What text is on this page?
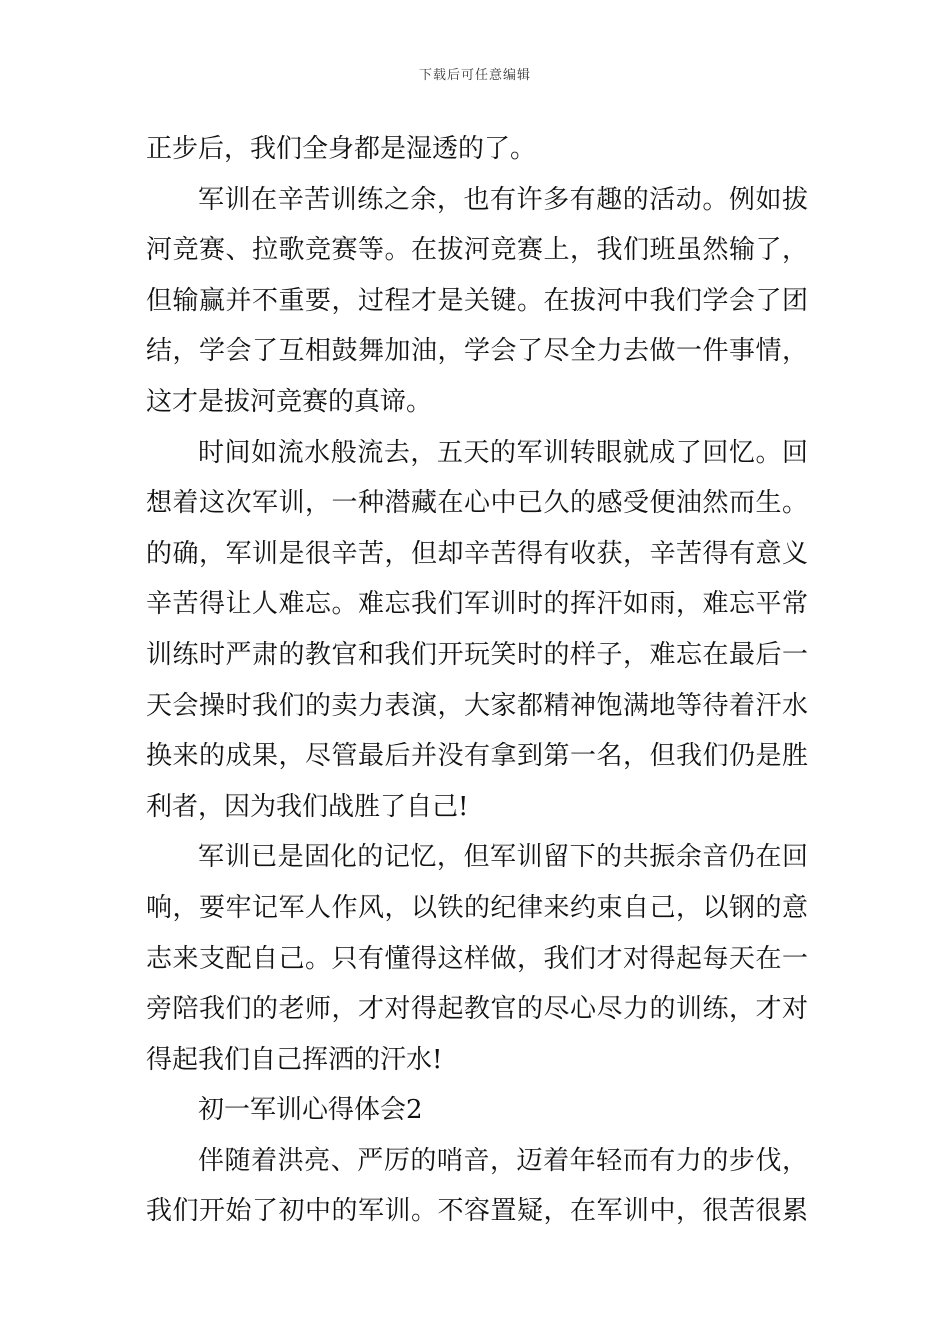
下载后可任意编辑
正步后，我们全身都是湿透的了。
军训在辛苦训练之余，也有许多有趣的活动。例如拔
河竞赛、拉歌竞赛等。在拔河竞赛上，我们班虽然输了，
但输赢并不重要，过程才是关键。在拔河中我们学会了团
结，学会了互相鼓舞加油，学会了尽全力去做一件事情，
这才是拔河竞赛的真谛。
时间如流水般流去，五天的军训转眼就成了回忆。回
想着这次军训，一种潜藏在心中已久的感受便油然而生。
的确，军训是很辛苦，但却辛苦得有收获，辛苦得有意义
辛苦得让人难忘。难忘我们军训时的挥汗如雨，难忘平常
训练时严肃的教官和我们开玩笑时的样子，难忘在最后一
天会操时我们的卖力表演，大家都精神饱满地等待着汗水
换来的成果，尽管最后并没有拿到第一名，但我们仍是胜
利者，因为我们战胜了自己!
军训已是固化的记忆，但军训留下的共振余音仍在回
响，要牢记军人作风，以铁的纪律来约束自己，以钢的意
志来支配自己。只有懂得这样做，我们才对得起每天在一
旁陪我们的老师，才对得起教官的尽心尽力的训练，才对
得起我们自己挥洒的汗水!
初一军训心得体会2
伴随着洪亮、严厉的哨音，迈着年轻而有力的步伐，
我们开始了初中的军训。不容置疑，在军训中，很苦很累
